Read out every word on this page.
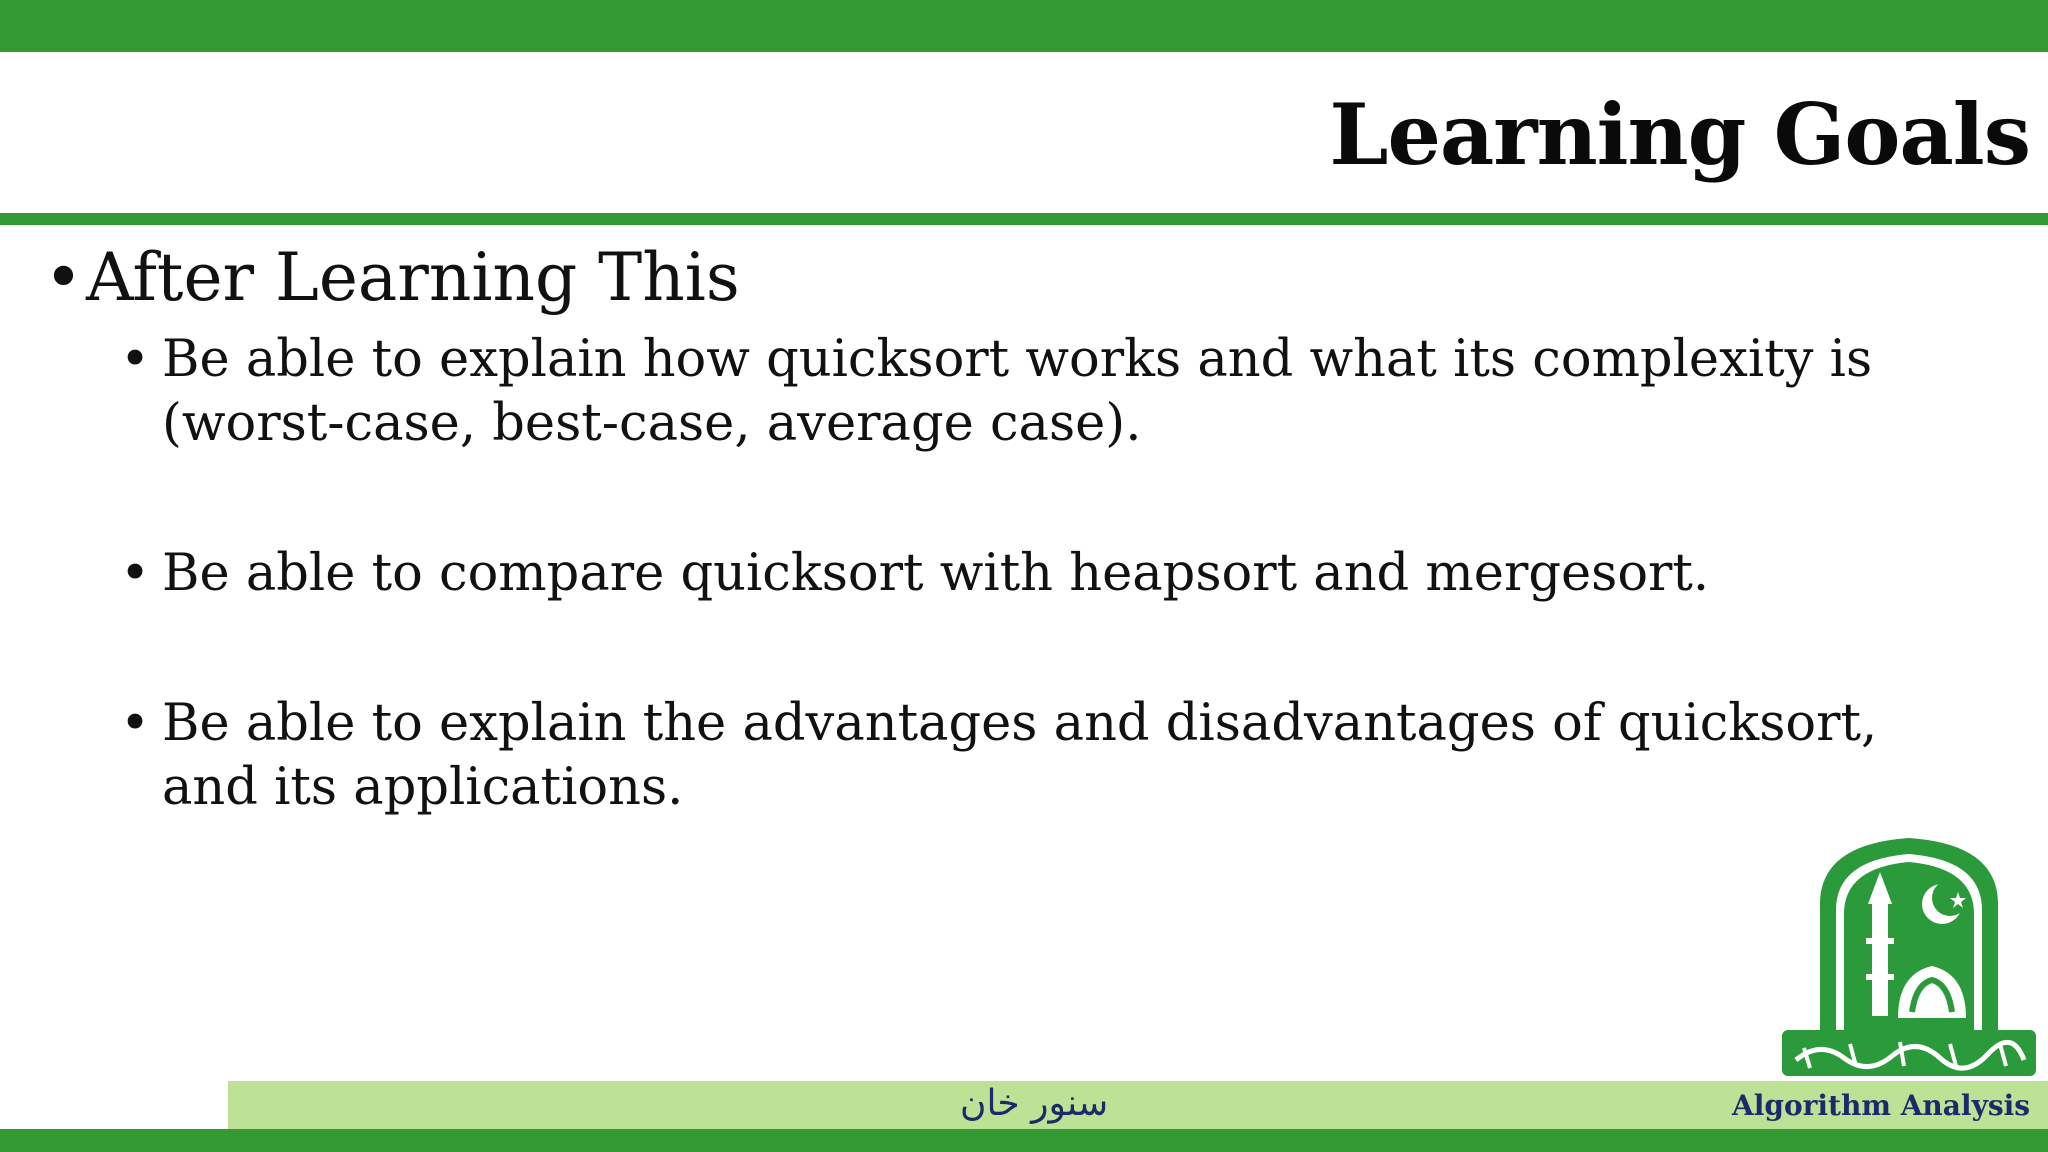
Learning Goals
•After Learning This
• Be able to explain how quicksort works and what its complexity is (worst-case, best-case, average case).
• Be able to compare quicksort with heapsort and mergesort.
• Be able to explain the advantages and disadvantages of quicksort, and its applications.
سنور خان	Algorithm Analysis
